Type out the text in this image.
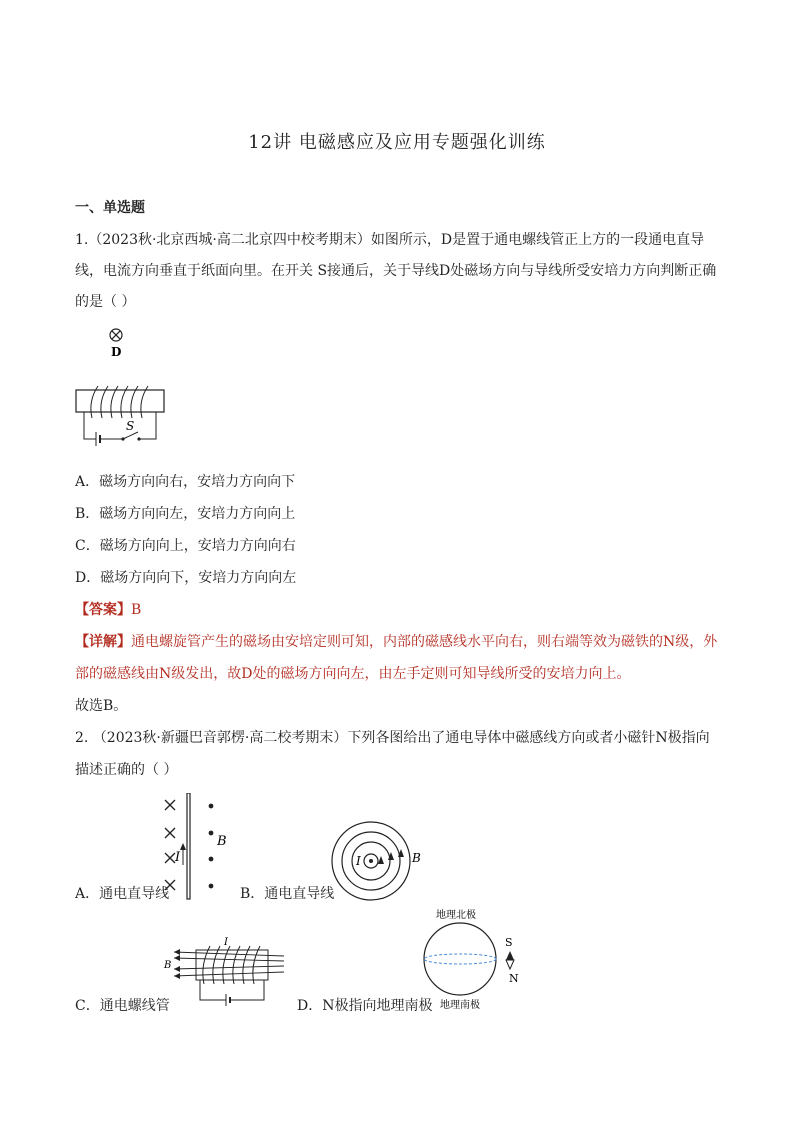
12讲 电磁感应及应用专题强化训练
一、单选题
1.（2023秋·北京西城·高二北京四中校考期末）如图所示，D是置于通电螺线管正上方的一段通电直导
线，电流方向垂直于纸面向里。在开关 S接通后，关于导线D处磁场方向与导线所受安培力方向判断正确
的是（ ）
D
S
A．磁场方向向右，安培力方向向下
B．磁场方向向左，安培力方向向上
C．磁场方向向上，安培力方向向右
D．磁场方向向下，安培力方向向左
【答案】B
【详解】通电螺旋管产生的磁场由安培定则可知，内部的磁感线水平向右，则右端等效为磁铁的N级，外
部的磁感线由N级发出，故D处的磁场方向向左，由左手定则可知导线所受的安培力向上。
故选B。
2. （2023秋·新疆巴音郭楞·高二校考期末）下列各图给出了通电导体中磁感线方向或者小磁针N极指向
描述正确的（ ）
I
B
A．通电直导线
I	B
B．通电直导线
I
B
C．通电螺线管
地理北极
地理南极
S
N
D．N极指向地理南极
